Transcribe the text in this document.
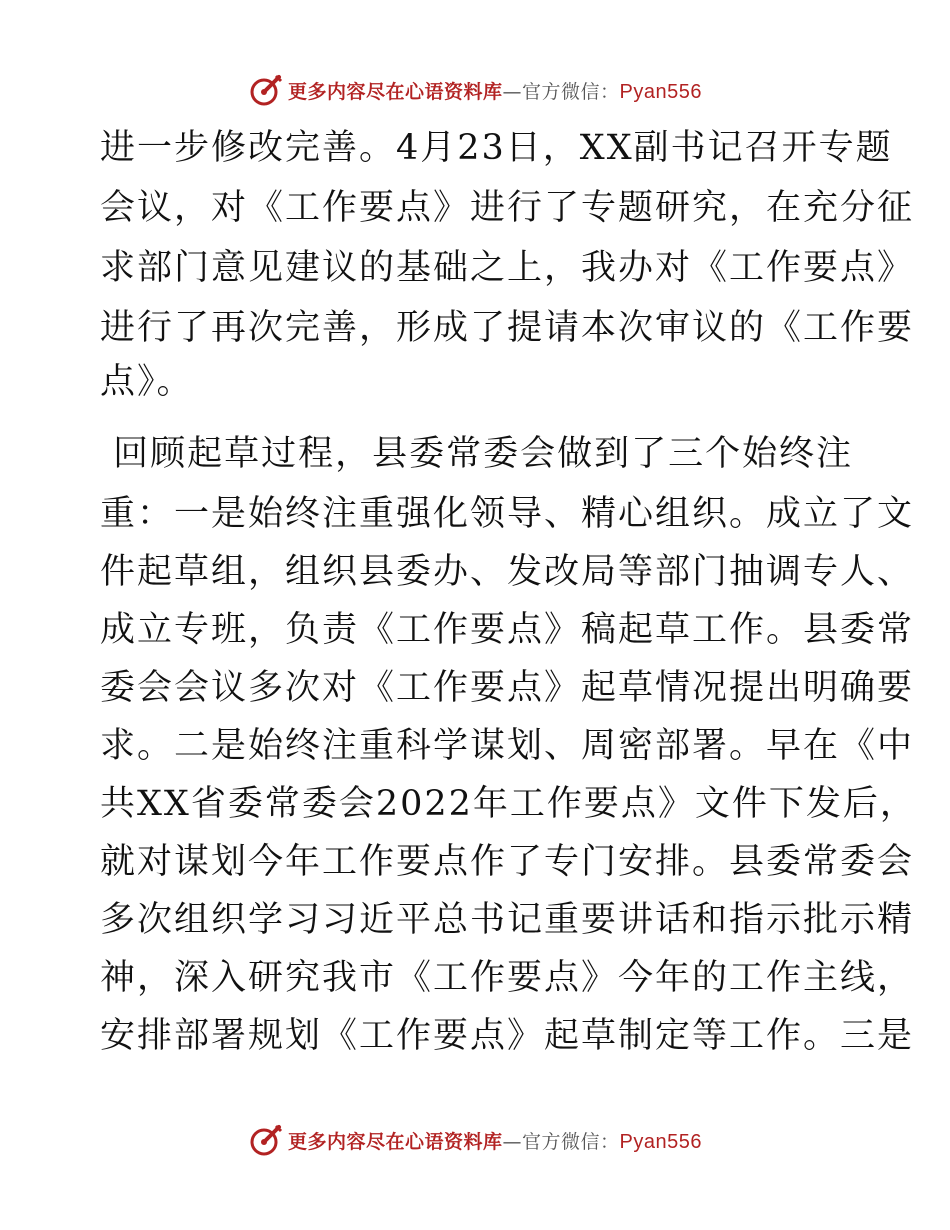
更多内容尽在心语资料库—官方微信：Pyan556
进一步修改完善。4月23日，XX副书记召开专题
会议，对《工作要点》进行了专题研究，在充分征
求部门意见建议的基础之上，我办对《工作要点》
进行了再次完善，形成了提请本次审议的《工作要
点》。
回顾起草过程，县委常委会做到了三个始终注
重：一是始终注重强化领导、精心组织。成立了文
件起草组，组织县委办、发改局等部门抽调专人、
成立专班，负责《工作要点》稿起草工作。县委常
委会会议多次对《工作要点》起草情况提出明确要
求。二是始终注重科学谋划、周密部署。早在《中
共XX省委常委会2022年工作要点》文件下发后，
就对谋划今年工作要点作了专门安排。县委常委会
多次组织学习习近平总书记重要讲话和指示批示精
神，深入研究我市《工作要点》今年的工作主线，
安排部署规划《工作要点》起草制定等工作。三是
更多内容尽在心语资料库—官方微信：Pyan556
